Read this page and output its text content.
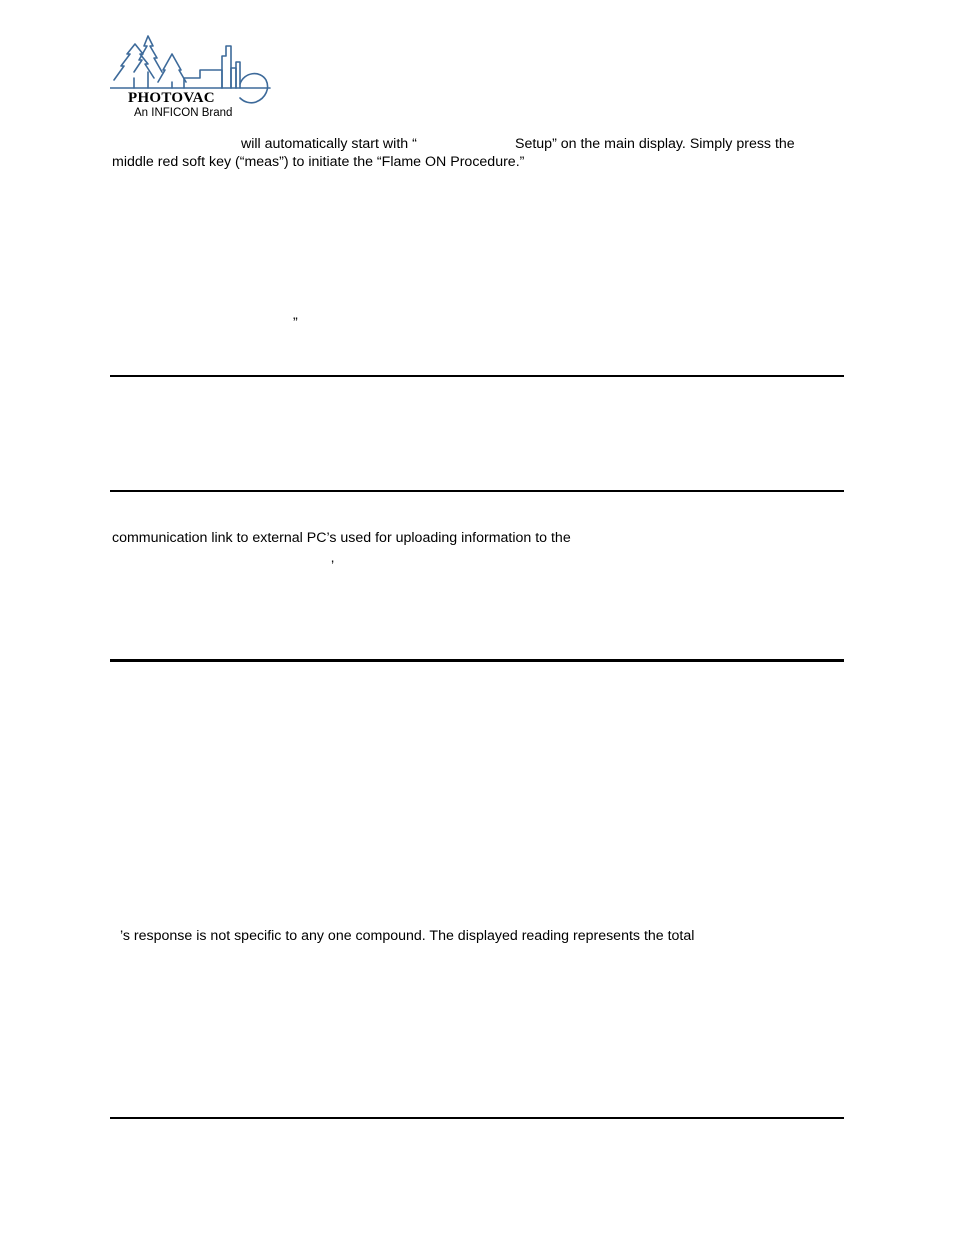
PHOTOVAC
An INFICON Brand
will automatically start with “	Setup” on the main display. Simply press the
middle red soft key (“meas”) to initiate the “Flame ON Procedure.”
”
communication link to external PC’s used for uploading information to the
’
’s response is not specific to any one compound. The displayed reading represents the total
